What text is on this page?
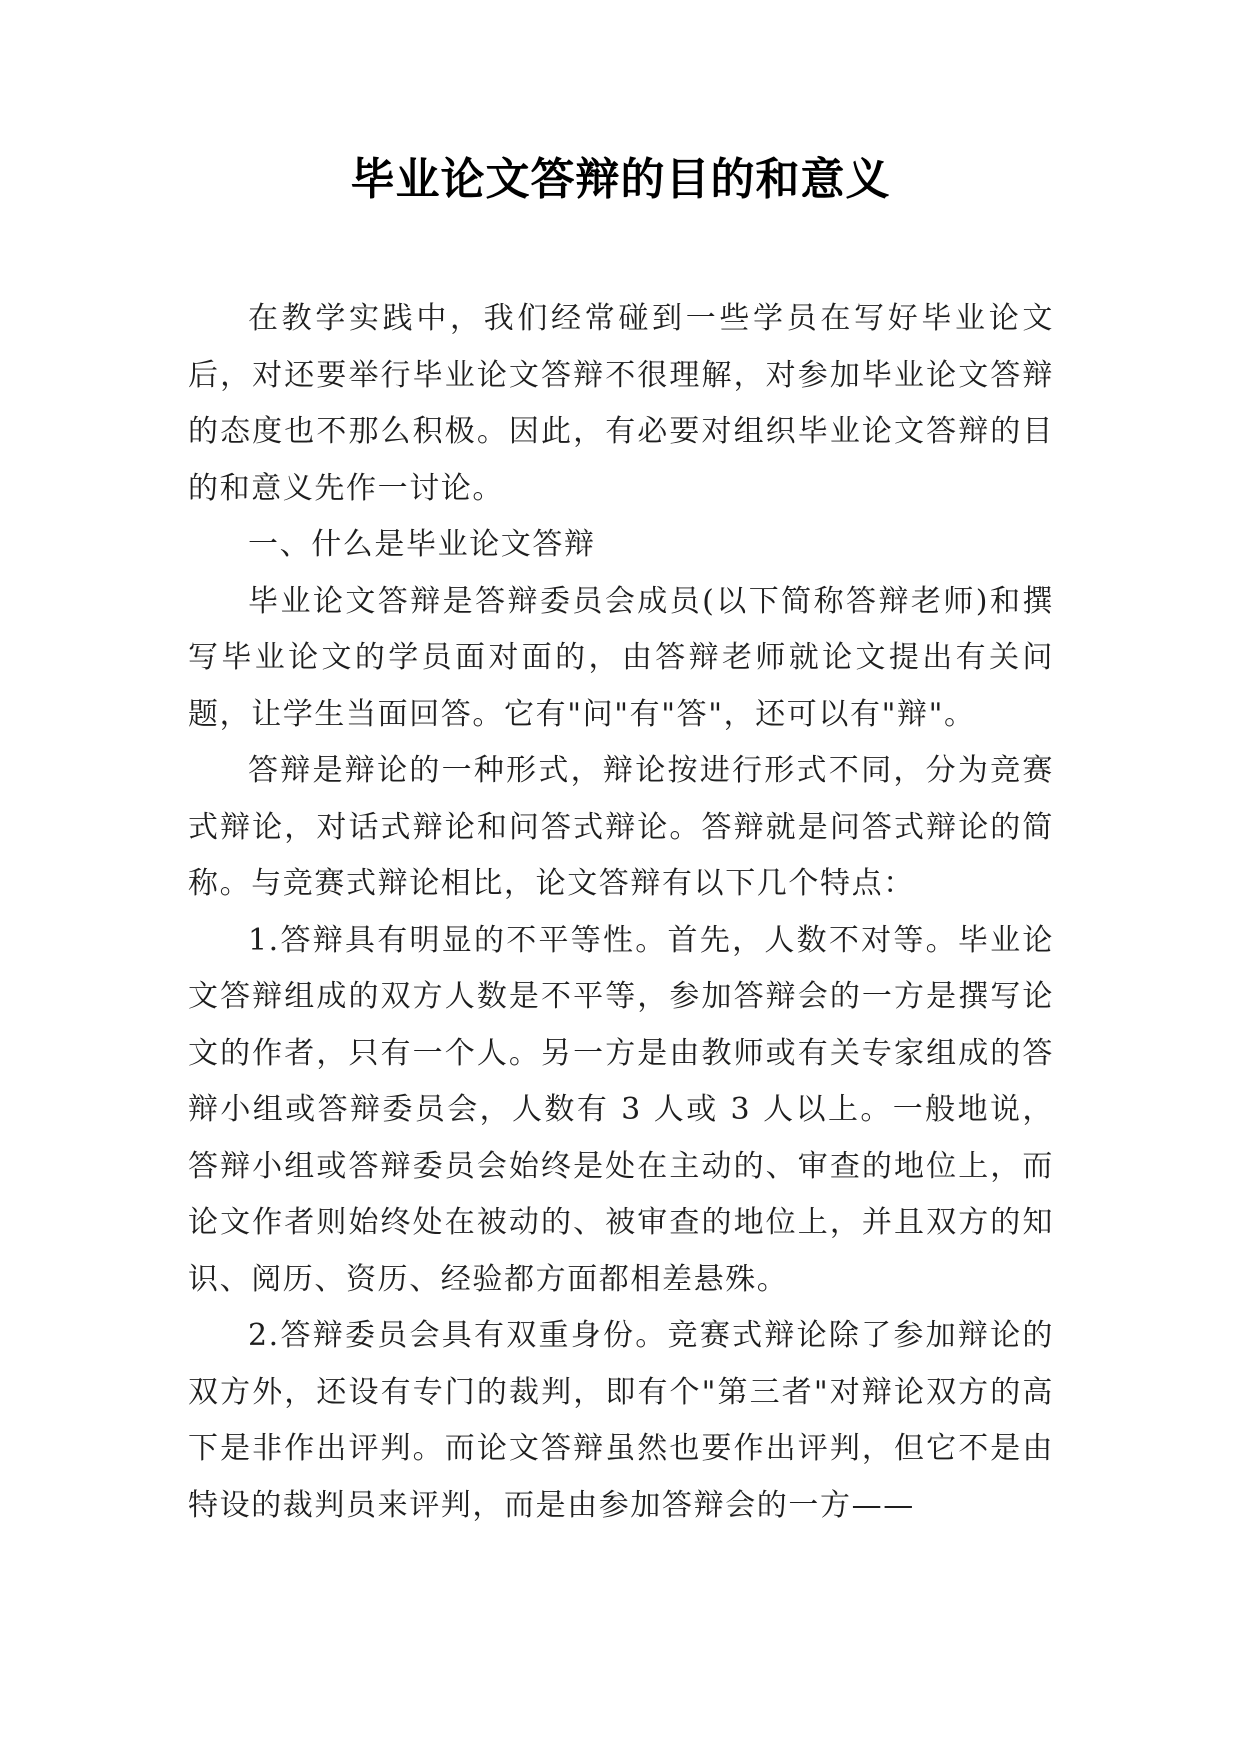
毕业论文答辩的目的和意义

在教学实践中，我们经常碰到一些学员在写好毕业论文后，对还要举行毕业论文答辩不很理解，对参加毕业论文答辩的态度也不那么积极。因此，有必要对组织毕业论文答辩的目的和意义先作一讨论。

一、什么是毕业论文答辩

毕业论文答辩是答辩委员会成员(以下简称答辩老师)和撰写毕业论文的学员面对面的，由答辩老师就论文提出有关问题，让学生当面回答。它有"问"有"答"，还可以有"辩"。

答辩是辩论的一种形式，辩论按进行形式不同，分为竞赛式辩论，对话式辩论和问答式辩论。答辩就是问答式辩论的简称。与竞赛式辩论相比，论文答辩有以下几个特点：

1.答辩具有明显的不平等性。首先，人数不对等。毕业论文答辩组成的双方人数是不平等，参加答辩会的一方是撰写论文的作者，只有一个人。另一方是由教师或有关专家组成的答辩小组或答辩委员会，人数有 3 人或 3 人以上。一般地说，答辩小组或答辩委员会始终是处在主动的、审查的地位上，而论文作者则始终处在被动的、被审查的地位上，并且双方的知识、阅历、资历、经验都方面都相差悬殊。

2.答辩委员会具有双重身份。竞赛式辩论除了参加辩论的双方外，还设有专门的裁判，即有个"第三者"对辩论双方的高下是非作出评判。而论文答辩虽然也要作出评判，但它不是由特设的裁判员来评判，而是由参加答辩会的一方——
